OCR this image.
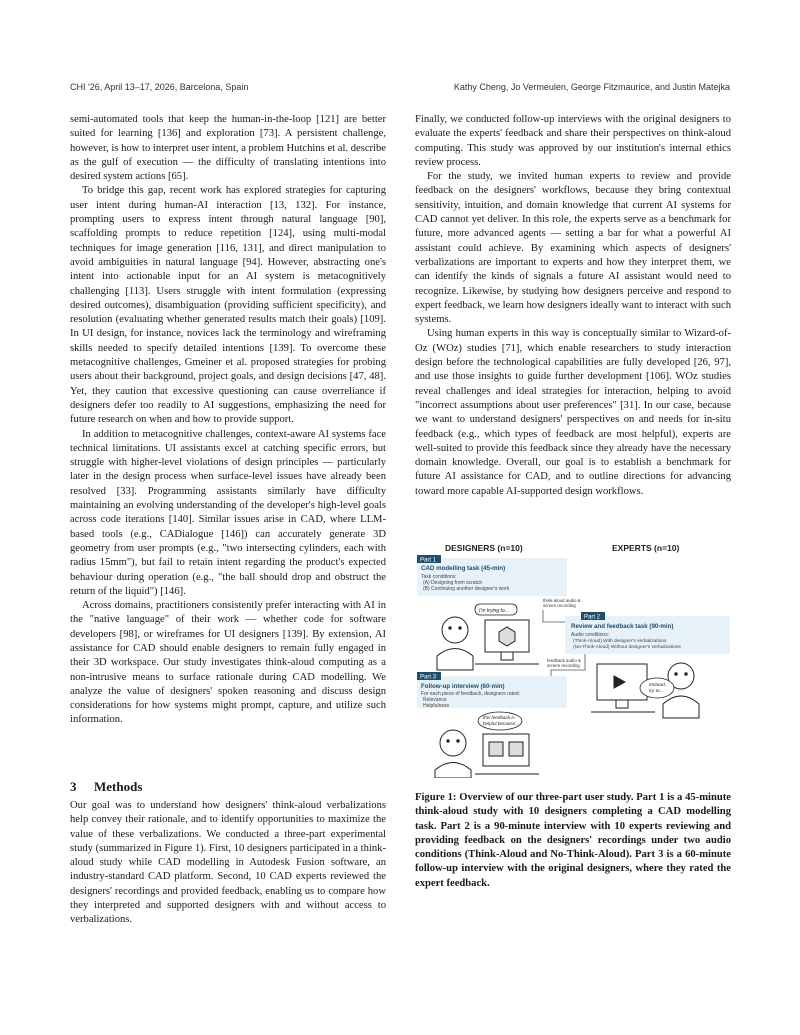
CHI '26, April 13–17, 2026, Barcelona, Spain	Kathy Cheng, Jo Vermeulen, George Fitzmaurice, and Justin Matejka

semi-automated tools that keep the human-in-the-loop [121] are better suited for learning [136] and exploration [73]. A persistent challenge, however, is how to interpret user intent, a problem Hutchins et al. describe as the gulf of execution — the difficulty of translating intentions into desired system actions [65].

To bridge this gap, recent work has explored strategies for capturing user intent during human-AI interaction [13, 132]. For instance, prompting users to express intent through natural language [90], scaffolding prompts to reduce repetition [124], using multi-modal techniques for image generation [116, 131], and direct manipulation to avoid ambiguities in natural language [94]. However, abstracting one's intent into actionable input for an AI system is metacognitively challenging [113]. Users struggle with intent formulation (expressing desired outcomes), disambiguation (providing sufficient specificity), and resolution (evaluating whether generated results match their goals) [109]. In UI design, for instance, novices lack the terminology and wireframing skills needed to specify detailed intentions [139]. To overcome these metacognitive challenges, Gmeiner et al. proposed strategies for probing users about their background, project goals, and design decisions [47, 48]. Yet, they caution that excessive questioning can cause overreliance if designers defer too readily to AI suggestions, emphasizing the need for future research on when and how to provide support.

In addition to metacognitive challenges, context-aware AI systems face technical limitations. UI assistants excel at catching specific errors, but struggle with higher-level violations of design principles — particularly later in the design process when surface-level issues have already been resolved [33]. Programming assistants similarly have difficulty maintaining an evolving understanding of the developer's high-level goals across code iterations [140]. Similar issues arise in CAD, where LLM-based tools (e.g., CADialogue [146]) can accurately generate 3D geometry from user prompts (e.g., "two intersecting cylinders, each with radius 15mm"), but fail to retain intent regarding the product's expected behaviour during operation (e.g., "the ball should drop and obstruct the return of the liquid") [146].

Across domains, practitioners consistently prefer interacting with AI in the "native language" of their work — whether code for software developers [98], or wireframes for UI designers [139]. By extension, AI assistance for CAD should enable designers to remain fully engaged in their 3D workspace. Our study investigates think-aloud computing as a non-intrusive means to surface rationale during CAD modelling. We analyze the value of designers' spoken reasoning and discuss design considerations for how systems might prompt, capture, and utilize such information.

3 Methods

Our goal was to understand how designers' think-aloud verbalizations help convey their rationale, and to identify opportunities to maximize the value of these verbalizations. We conducted a three-part experimental study (summarized in Figure 1). First, 10 designers participated in a think-aloud study while CAD modelling in Autodesk Fusion software, an industry-standard CAD platform. Second, 10 CAD experts reviewed the designers' recordings and provided feedback, enabling us to compare how they interpreted and supported designers with and without access to verbalizations.

Finally, we conducted follow-up interviews with the original designers to evaluate the experts' feedback and share their perspectives on think-aloud computing. This study was approved by our institution's internal ethics review process.

For the study, we invited human experts to review and provide feedback on the designers' workflows, because they bring contextual sensitivity, intuition, and domain knowledge that current AI systems for CAD cannot yet deliver. In this role, the experts serve as a benchmark for future, more advanced agents — setting a bar for what a powerful AI assistant could achieve. By examining which aspects of designers' verbalizations are important to experts and how they interpret them, we can identify the kinds of signals a future AI assistant would need to recognize. Likewise, by studying how designers perceive and respond to expert feedback, we learn how designers ideally want to interact with such systems.

Using human experts in this way is conceptually similar to Wizard-of-Oz (WOz) studies [71], which enable researchers to study interaction design before the technological capabilities are fully developed [26, 97], and use those insights to guide further development [106]. WOz studies reveal challenges and ideal strategies for interaction, helping to avoid "incorrect assumptions about user preferences" [31]. In our case, because we want to understand designers' perspectives on and needs for in-situ feedback (e.g., which types of feedback are most helpful), experts are well-suited to provide this feedback since they already have the necessary domain knowledge. Overall, our goal is to establish a benchmark for future AI assistance for CAD, and to outline directions for advancing toward more capable AI-supported design workflows.

DESIGNERS (n=10)	EXPERTS (n=10)
Part 1
CAD modelling task (45-min)
Task conditions:
(A) Designing from scratch
(B) Continuing another designer's work
I'm trying to...
think-aloud audio &
screen recording
Part 2
Review and feedback task (90-min)
Audio conditions:
(Think-Aloud) With designer's verbalizations
(No-Think-Aloud) Without designer's verbalizations
Instead,
try to...
feedback audio &
screen recording
Part 3
Follow-up interview (60-min)
For each piece of feedback, designers rated:
Relevance
Helpfulness
this feedback is
helpful because...
Figure 1: Overview of our three-part user study. Part 1 is a 45-minute think-aloud study with 10 designers completing a CAD modelling task. Part 2 is a 90-minute interview with 10 experts reviewing and providing feedback on the designers' recordings under two audio conditions (Think-Aloud and No-Think-Aloud). Part 3 is a 60-minute follow-up interview with the original designers, where they rated the expert feedback.
